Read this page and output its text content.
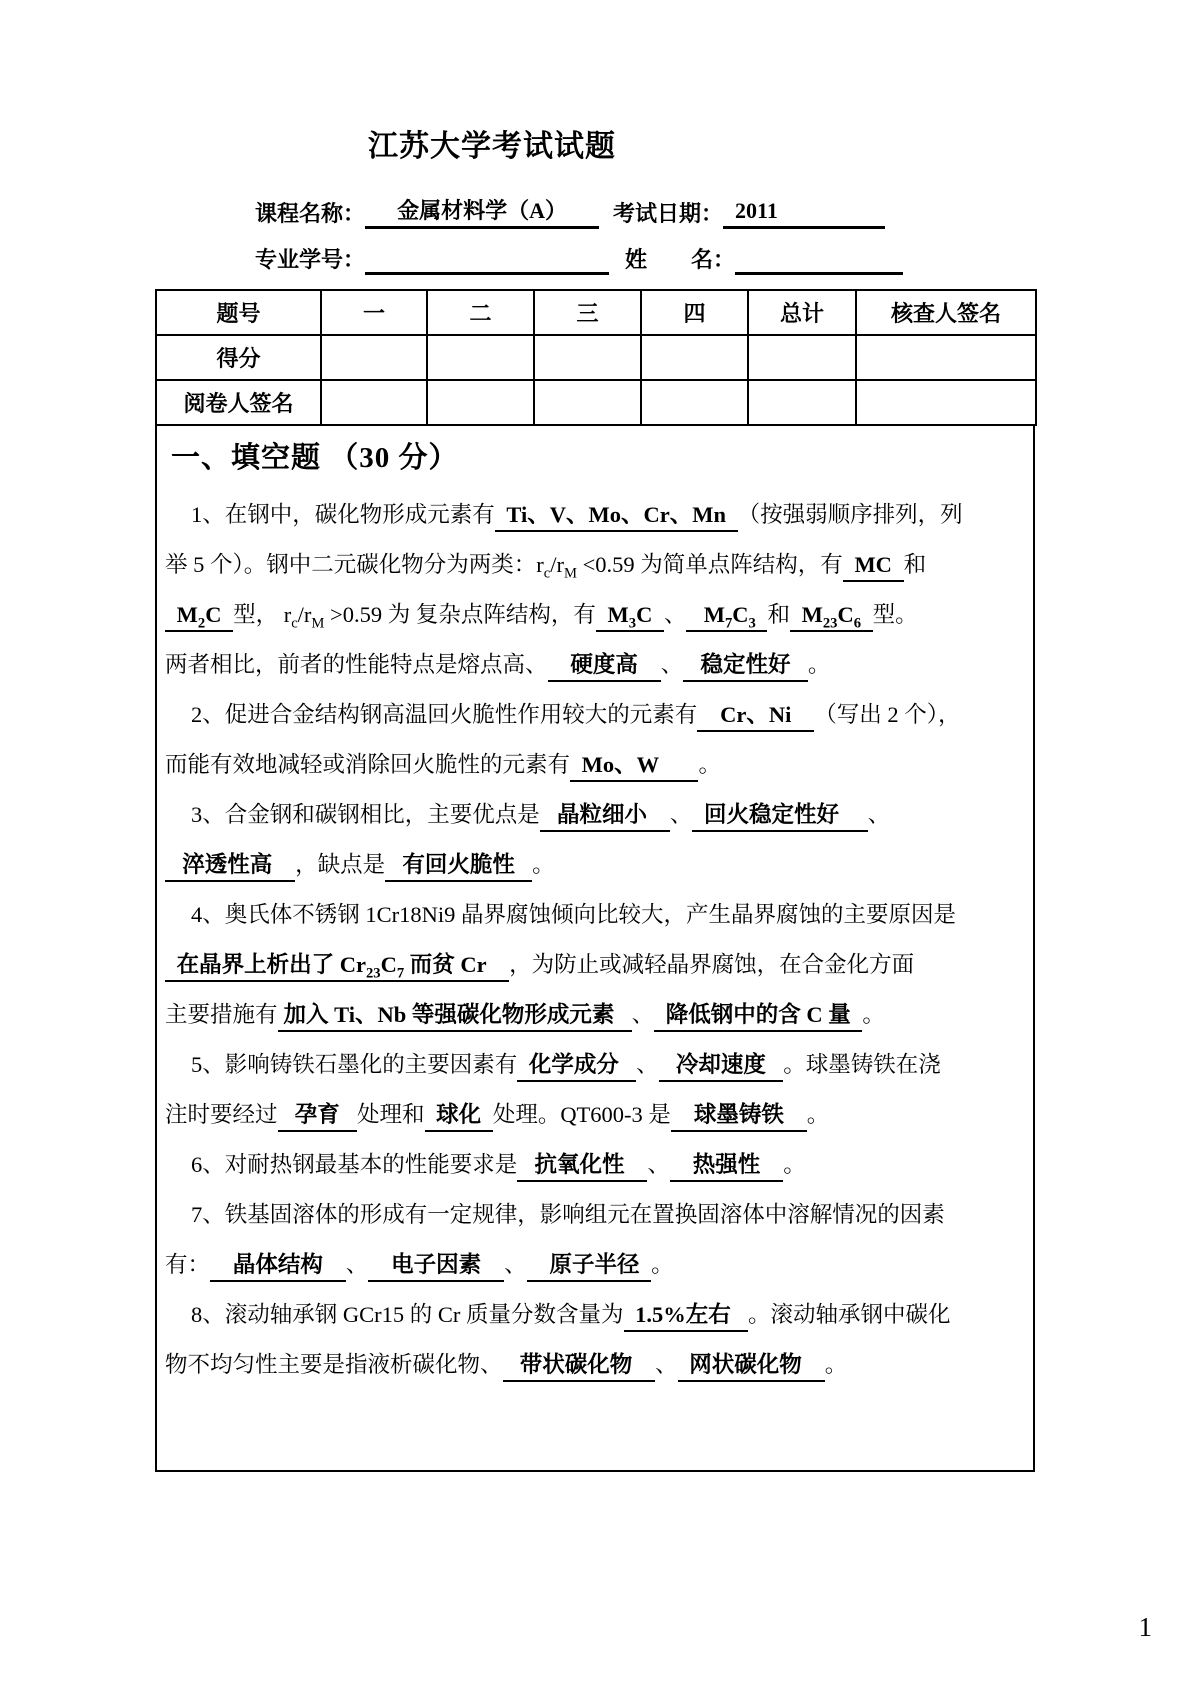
江苏大学考试试题
课程名称：	金属材料学（A）	考试日期： 2011
专业学号：	姓　　名：
题号	一	二	三	四	总计	核查人签名
得分						
阅卷人签名						
一、填空题 （30 分）
1、在钢中，碳化物形成元素有 Ti、V、Mo、Cr、Mn （按强弱顺序排列，列
举 5 个）。钢中二元碳化物分为两类：$r_c/r_M <0.59$ 为简单点阵结构，有 MC 和
$M_2C$ 型， $r_c/r_M >0.59$ 为 复杂点阵结构，有 $M_3C$ 、  $M_7C_3$ 和 $M_{23}C_6$ 型。
两者相比，前者的性能特点是熔点高、   硬度高   、  稳定性好  。
2、促进合金结构钢高温回火脆性作用较大的元素有   Cr、Ni   （写出 2 个），
而能有效地减轻或消除回火脆性的元素有 Mo、W      。
3、合金钢和碳钢相比，主要优点是  晶粒细小   、 回火稳定性好    、
淬透性高   ，缺点是  有回火脆性  。
4、奥氏体不锈钢 1Cr18Ni9 晶界腐蚀倾向比较大，产生晶界腐蚀的主要原因是
在晶界上析出了 $Cr_{23}C_7$ 而贫 Cr   ，为防止或减轻晶界腐蚀，在合金化方面
主要措施有 加入 Ti、Nb 等强碳化物形成元素  、 降低钢中的含 C 量 。
5、影响铸铁石墨化的主要因素有 化学成分  、  冷却速度  。球墨铸铁在浇
注时要经过  孕育  处理和 球化 处理。QT600-3 是   球墨铸铁   。
6、对耐热钢最基本的性能要求是  抗氧化性   、   热强性   。
7、铁基固溶体的形成有一定规律，影响组元在置换固溶体中溶解情况的因素
有：   晶体结构   、   电子因素   、   原子半径 。
8、滚动轴承钢 GCr15 的 Cr 质量分数含量为 1.5%左右  。滚动轴承钢中碳化
物不均匀性主要是指液析碳化物、  带状碳化物   、 网状碳化物   。
1
